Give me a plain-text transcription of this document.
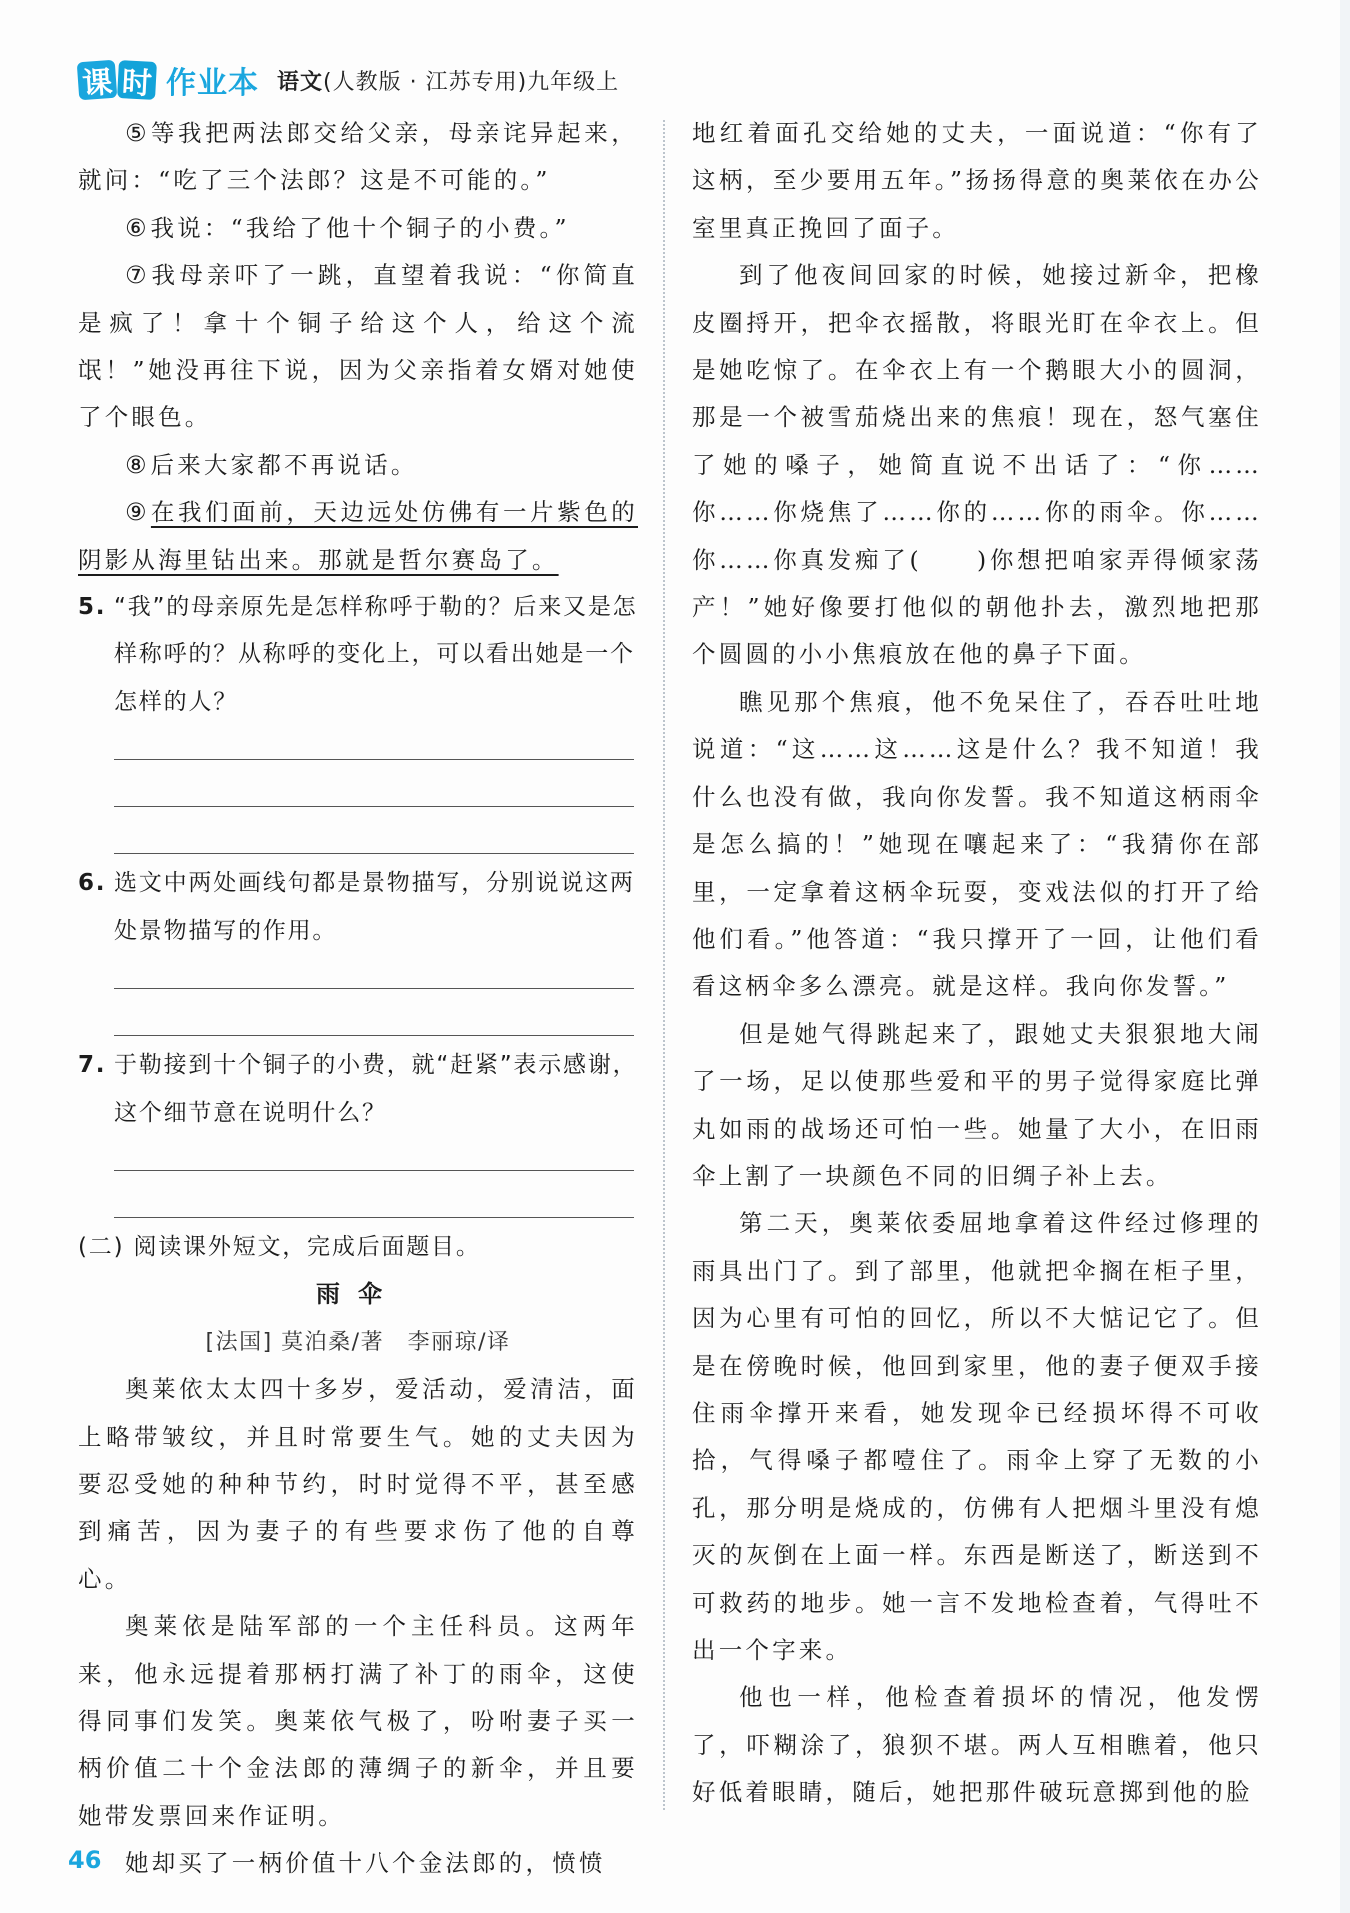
课 时 作业本 语文(人教版 · 江苏专用)九年级上

⑤ 等我把两法郎交给父亲，母亲诧异起来，就问：“吃了三个法郎？这是不可能的。”

⑥ 我说：“我给了他十个铜子的小费。”

⑦ 我母亲吓了一跳，直望着我说：“你简直是疯了！拿十个铜子给这个人，给这个流氓！”她没再往下说，因为父亲指着女婿对她使了个眼色。

⑧ 后来大家都不再说话。

⑨ 在我们面前，天边远处仿佛有一片紫色的阴影从海里钻出来。那就是哲尔赛岛了。

5. “我”的母亲原先是怎样称呼于勒的？后来又是怎样称呼的？从称呼的变化上，可以看出她是一个怎样的人？
6. 选文中两处画线句都是景物描写，分别说说这两处景物描写的作用。
7. 于勒接到十个铜子的小费，就“赶紧”表示感谢，这个细节意在说明什么？
(二) 阅读课外短文，完成后面题目。
雨伞
[法国] 莫泊桑/著　李丽琼/译

奥莱依太太四十多岁，爱活动，爱清洁，面上略带皱纹，并且时常要生气。她的丈夫因为要忍受她的种种节约，时时觉得不平，甚至感到痛苦，因为妻子的有些要求伤了他的自尊心。

奥莱依是陆军部的一个主任科员。这两年来，他永远提着那柄打满了补丁的雨伞，这使得同事们发笑。奥莱依气极了，吩咐妻子买一柄价值二十个金法郎的薄绸子的新伞，并且要她带发票回来作证明。

她却买了一柄价值十八个金法郎的，愤愤

地红着面孔交给她的丈夫，一面说道：“你有了这柄，至少要用五年。”扬扬得意的奥莱依在办公室里真正挽回了面子。

到了他夜间回家的时候，她接过新伞，把橡皮圈捋开，把伞衣摇散，将眼光盯在伞衣上。但是她吃惊了。在伞衣上有一个鹅眼大小的圆洞，那是一个被雪茄烧出来的焦痕！现在，怒气塞住了她的嗓子，她简直说不出话了：“你……你……你烧焦了……你的……你的雨伞。你……你……你真发痴了(　　)你想把咱家弄得倾家荡产！”她好像要打他似的朝他扑去，激烈地把那个圆圆的小小焦痕放在他的鼻子下面。

瞧见那个焦痕，他不免呆住了，吞吞吐吐地说道：“这……这……这是什么？我不知道！我什么也没有做，我向你发誓。我不知道这柄雨伞是怎么搞的！”她现在嚷起来了：“我猜你在部里，一定拿着这柄伞玩耍，变戏法似的打开了给他们看。”他答道：“我只撑开了一回，让他们看看这柄伞多么漂亮。就是这样。我向你发誓。”

但是她气得跳起来了，跟她丈夫狠狠地大闹了一场，足以使那些爱和平的男子觉得家庭比弹丸如雨的战场还可怕一些。她量了大小，在旧雨伞上割了一块颜色不同的旧绸子补上去。

第二天，奥莱依委屈地拿着这件经过修理的雨具出门了。到了部里，他就把伞搁在柜子里，因为心里有可怕的回忆，所以不大惦记它了。但是在傍晚时候，他回到家里，他的妻子便双手接住雨伞撑开来看，她发现伞已经损坏得不可收拾，气得嗓子都噎住了。雨伞上穿了无数的小孔，那分明是烧成的，仿佛有人把烟斗里没有熄灭的灰倒在上面一样。东西是断送了，断送到不可救药的地步。她一言不发地检查着，气得吐不出一个字来。

他也一样，他检查着损坏的情况，他发愣了，吓糊涂了，狼狈不堪。两人互相瞧着，他只好低着眼睛，随后，她把那件破玩意掷到他的脸

46
